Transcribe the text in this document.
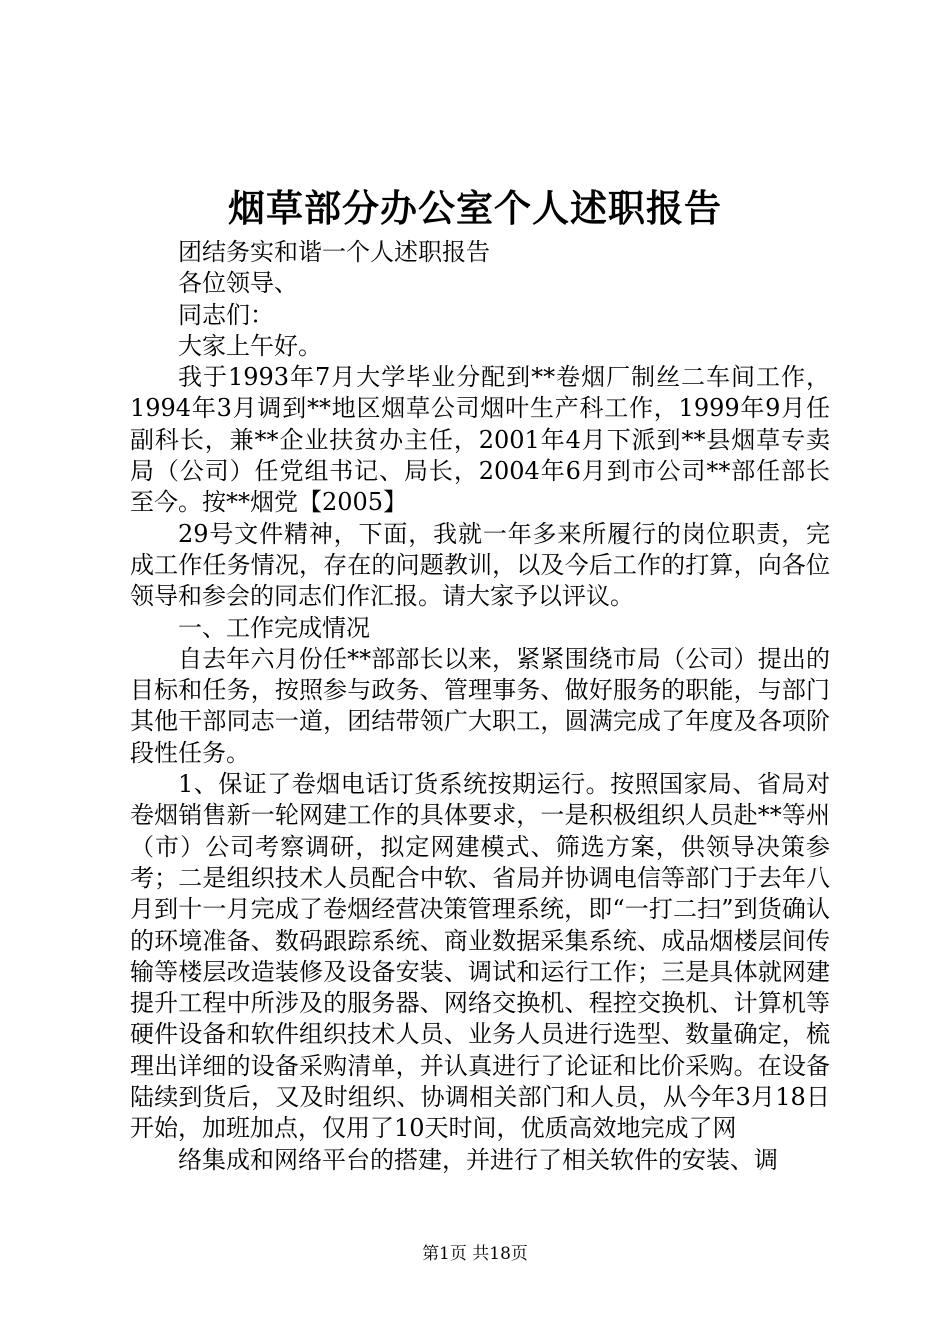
烟草部分办公室个人述职报告

团结务实和谐一个人述职报告

各位领导、

同志们：

大家上午好。

我于1993年7月大学毕业分配到**卷烟厂制丝二车间工作，1994年3月调到**地区烟草公司烟叶生产科工作，1999年9月任副科长，兼**企业扶贫办主任，2001年4月下派到**县烟草专卖局（公司）任党组书记、局长，2004年6月到市公司**部任部长至今。按**烟党【2005】

29号文件精神，下面，我就一年多来所履行的岗位职责，完成工作任务情况，存在的问题教训，以及今后工作的打算，向各位领导和参会的同志们作汇报。请大家予以评议。

一、工作完成情况

自去年六月份任**部部长以来，紧紧围绕市局（公司）提出的目标和任务，按照参与政务、管理事务、做好服务的职能，与部门其他干部同志一道，团结带领广大职工，圆满完成了年度及各项阶段性任务。

1、保证了卷烟电话订货系统按期运行。按照国家局、省局对卷烟销售新一轮网建工作的具体要求，一是积极组织人员赴**等州（市）公司考察调研，拟定网建模式、筛选方案，供领导决策参考；二是组织技术人员配合中软、省局并协调电信等部门于去年八月到十一月完成了卷烟经营决策管理系统，即“一打二扫”到货确认的环境准备、数码跟踪系统、商业数据采集系统、成品烟楼层间传输等楼层改造装修及设备安装、调试和运行工作；三是具体就网建提升工程中所涉及的服务器、网络交换机、程控交换机、计算机等硬件设备和软件组织技术人员、业务人员进行选型、数量确定，梳理出详细的设备采购清单，并认真进行了论证和比价采购。在设备陆续到货后，又及时组织、协调相关部门和人员，从今年3月18日开始，加班加点，仅用了10天时间，优质高效地完成了网

络集成和网络平台的搭建，并进行了相关软件的安装、调

第1页 共18页
